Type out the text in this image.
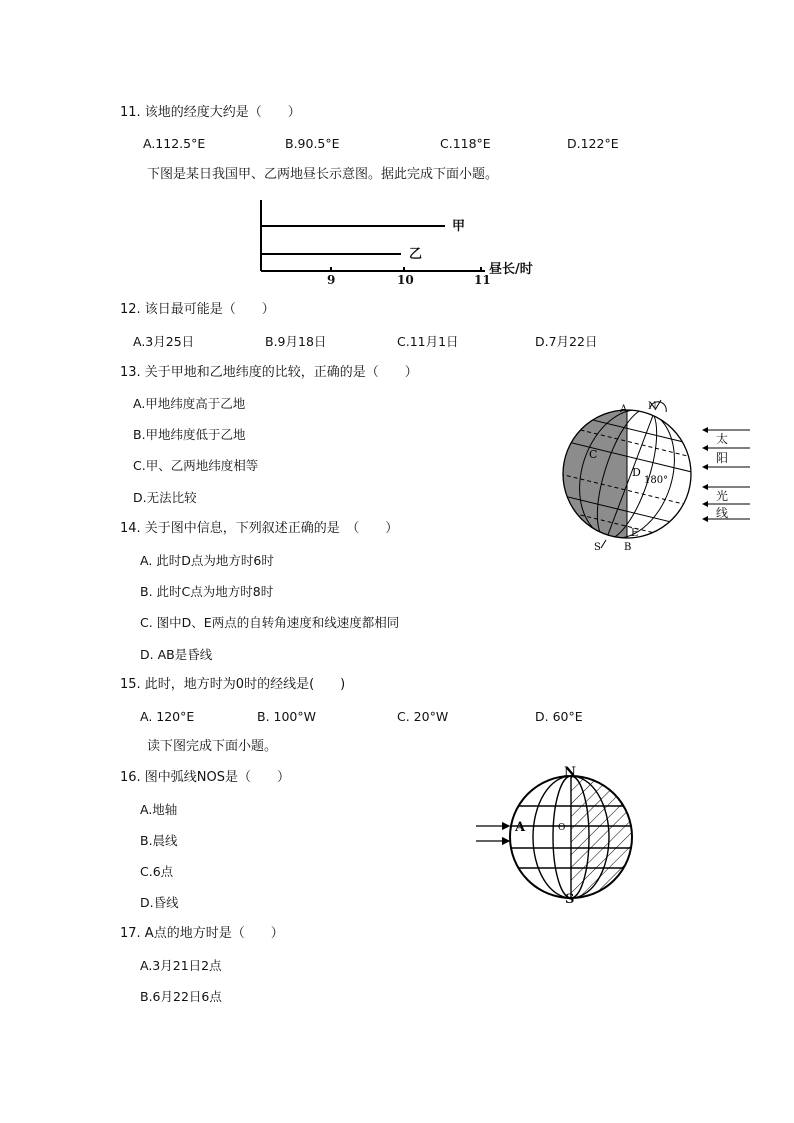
11. 该地的经度大约是（　　）
A.112.5°E	B.90.5°E	C.118°E	D.122°E
下图是某日我国甲、乙两地昼长示意图。据此完成下面小题。
甲
乙
昼长/时
9	10	11
12. 该日最可能是（　　）
A.3月25日	B.9月18日	C.11月1日	D.7月22日
13. 关于甲地和乙地纬度的比较，正确的是（　　）
A.甲地纬度高于乙地
B.甲地纬度低于乙地
C.甲、乙两地纬度相等
D.无法比较
A N
C
D
180°
S B
E
太
阳
光
线
14. 关于图中信息，下列叙述正确的是　（　　）
A. 此时D点为地方时6时
B. 此时C点为地方时8时
C. 图中D、E两点的自转角速度和线速度都相同
D. AB是昏线
15. 此时，地方时为0时的经线是(　　)
A. 120°E	B. 100°W	C. 20°W	D. 60°E
读下图完成下面小题。
16. 图中弧线NOS是（　　）
A.地轴
B.晨线
C.6点
D.昏线
N
S
A	O
17. A点的地方时是（　　）
A.3月21日2点
B.6月22日6点
